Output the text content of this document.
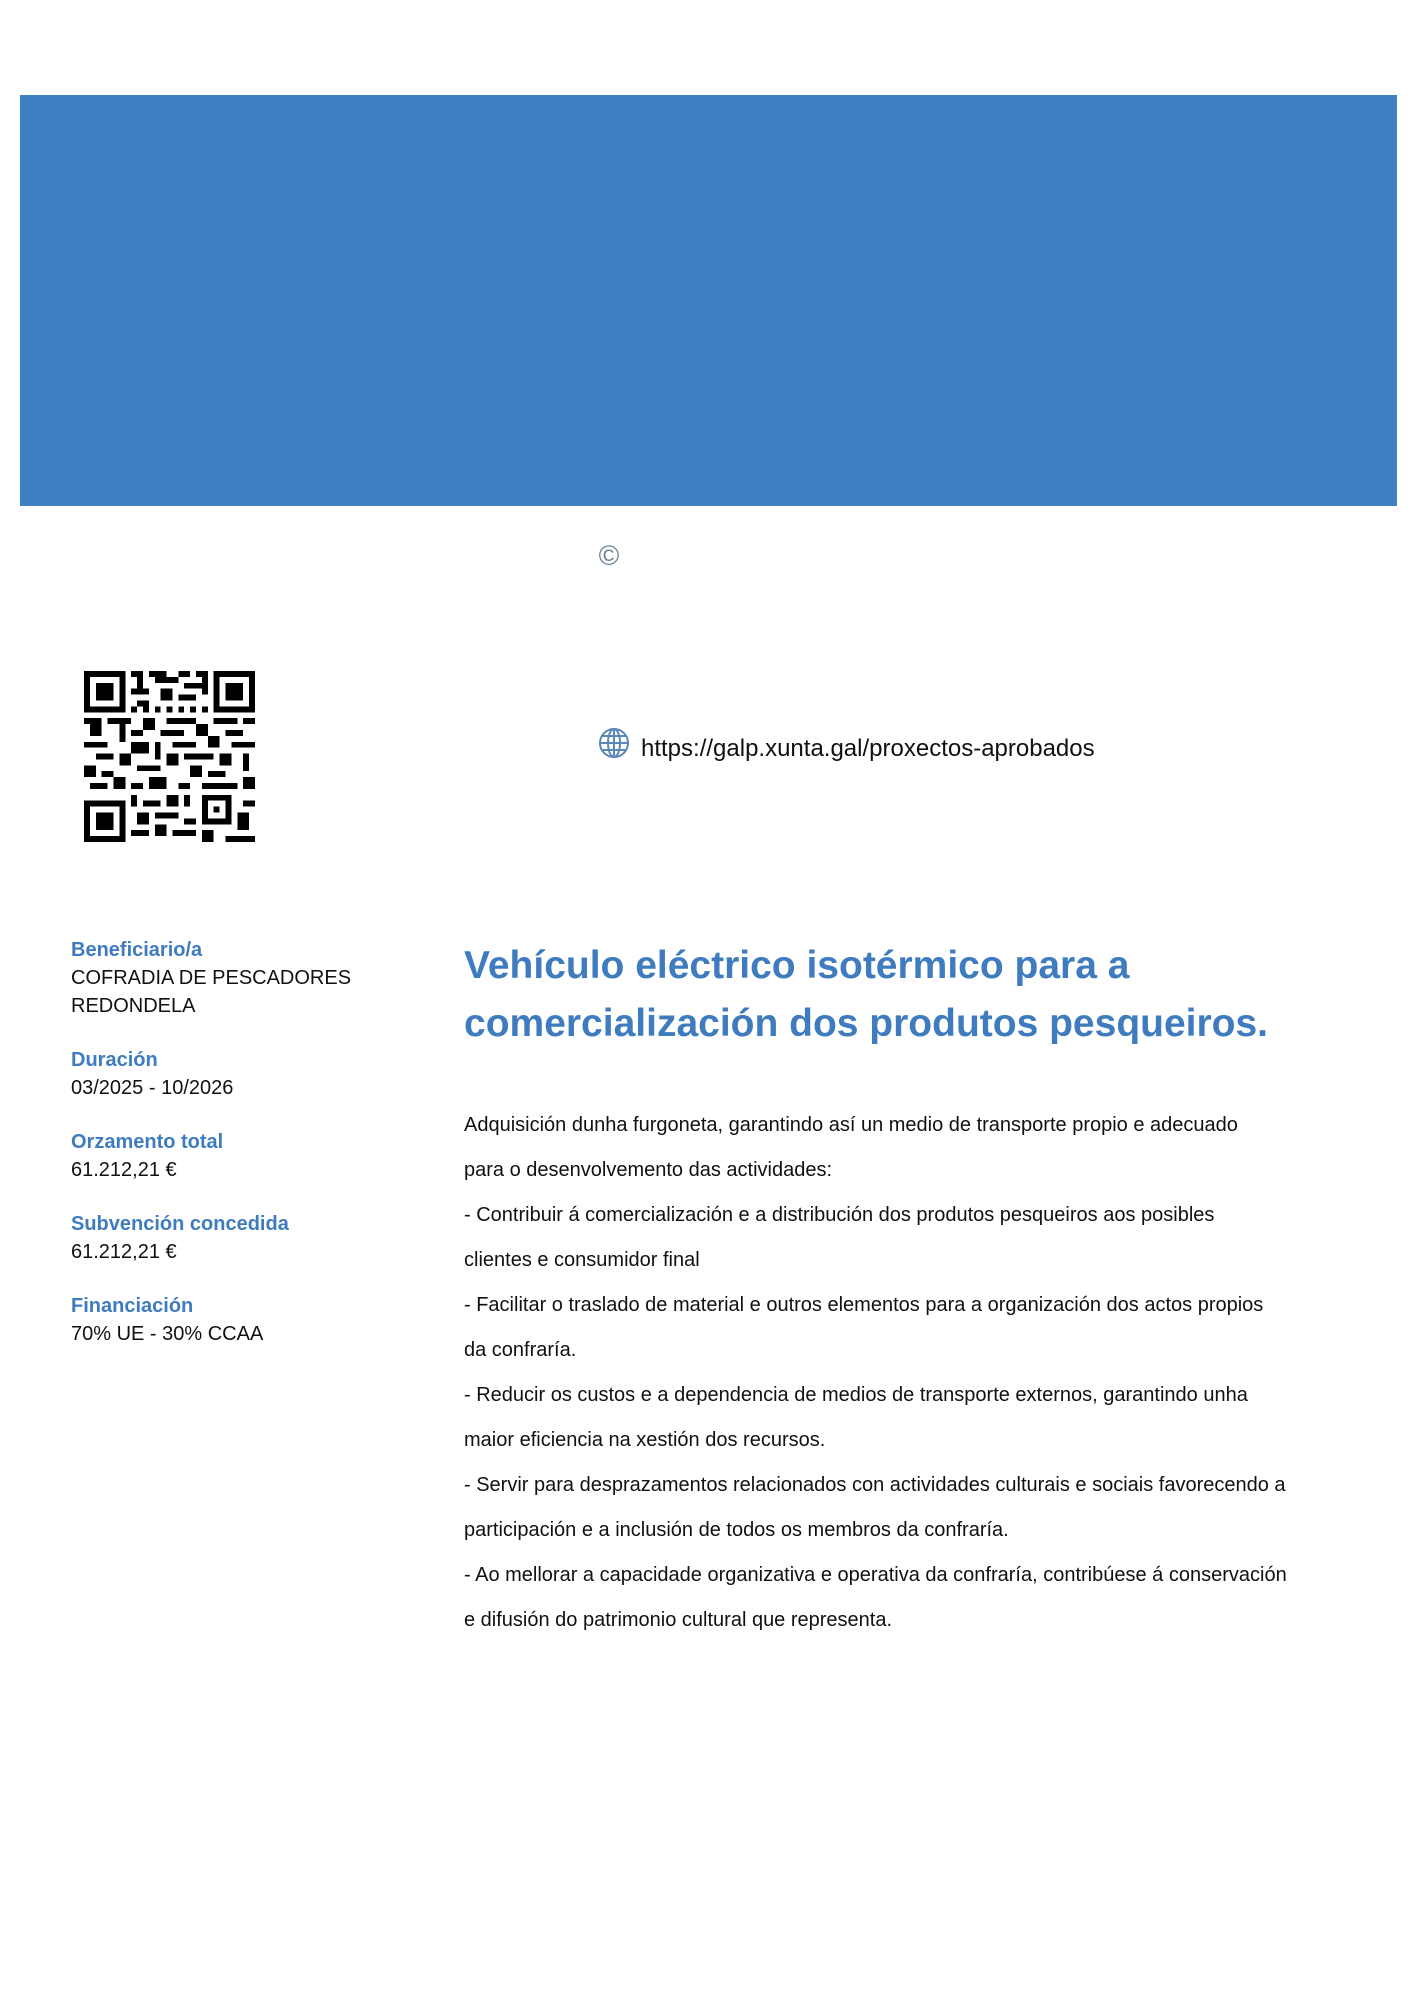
©
https://galp.xunta.gal/proxectos-aprobados
Beneficiario/a
COFRADIA DE PESCADORES
REDONDELA
Duración
03/2025 - 10/2026
Orzamento total
61.212,21 €
Subvención concedida
61.212,21 €
Financiación
70% UE - 30% CCAA
Vehículo eléctrico isotérmico para a
comercialización dos produtos pesqueiros.

Adquisición dunha furgoneta, garantindo así un medio de transporte propio e adecuado

para o desenvolvemento das actividades:

- Contribuir á comercialización e a distribución dos produtos pesqueiros aos posibles

clientes e consumidor final

- Facilitar o traslado de material e outros elementos para a organización dos actos propios

da confraría.

- Reducir os custos e a dependencia de medios de transporte externos, garantindo unha

maior eficiencia na xestión dos recursos.

- Servir para desprazamentos relacionados con actividades culturais e sociais favorecendo a

participación e a inclusión de todos os membros da confraría.

- Ao mellorar a capacidade organizativa e operativa da confraría, contribúese á conservación

e difusión do patrimonio cultural que representa.
